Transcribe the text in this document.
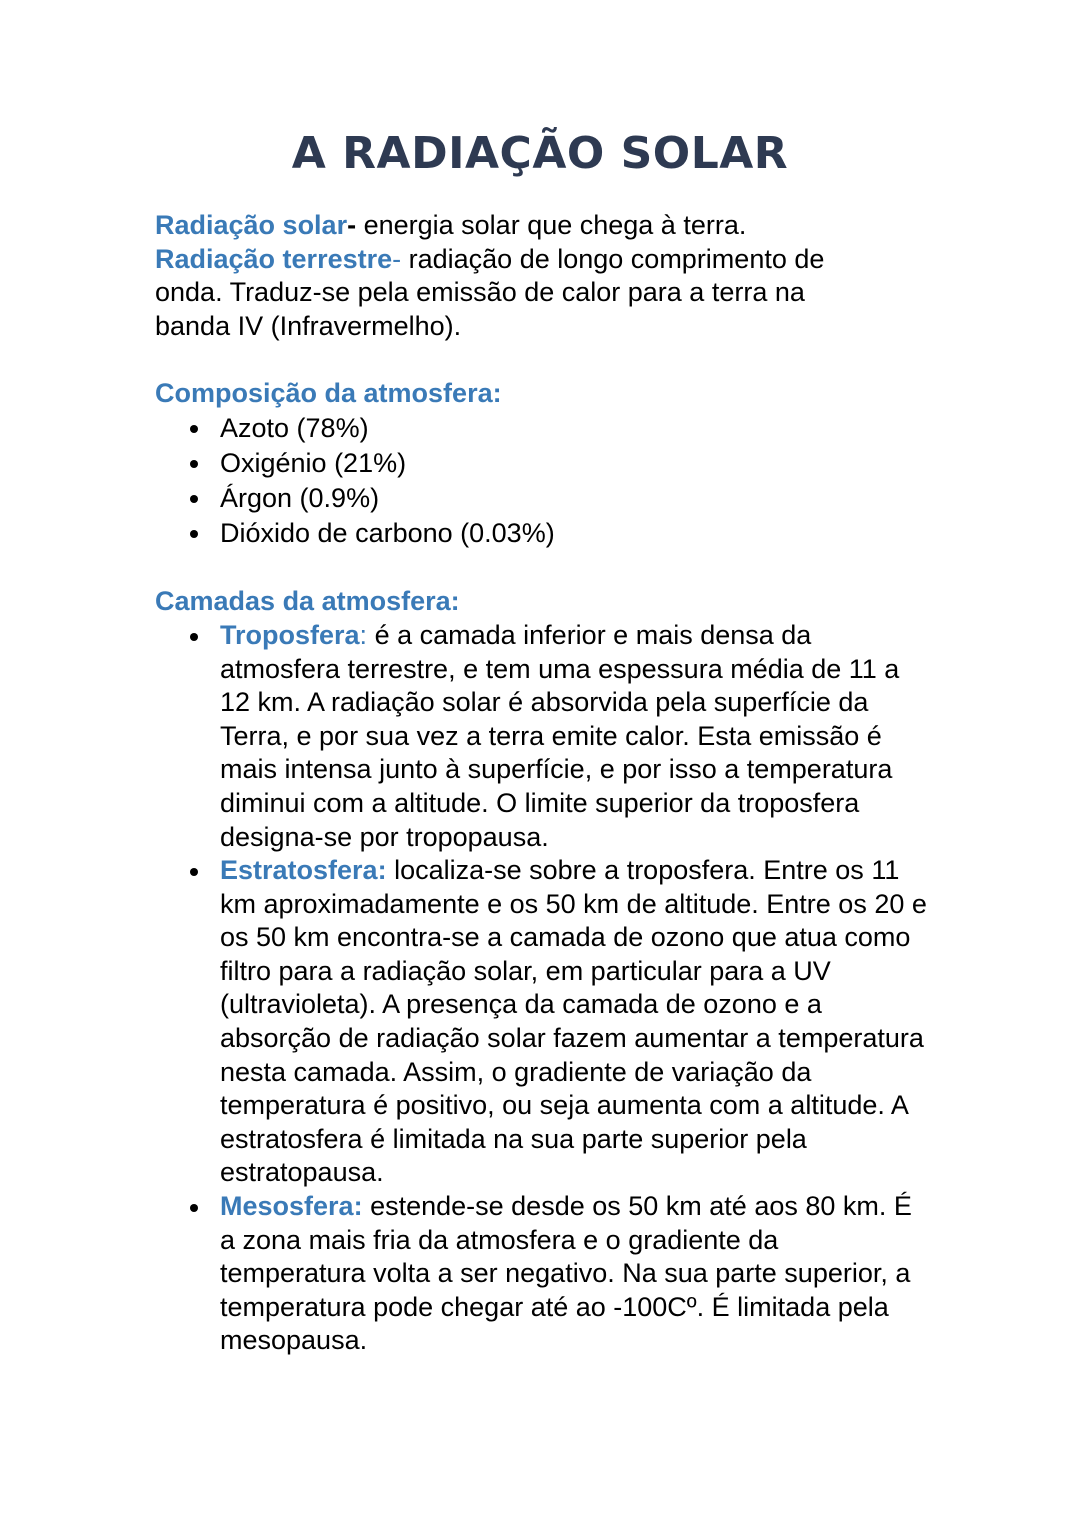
A RADIAÇÃO SOLAR

Radiação solar- energia solar que chega à terra.

Radiação terrestre- radiação de longo comprimento de onda. Traduz-se pela emissão de calor para a terra na banda IV (Infravermelho).

Composição da atmosfera:

Azoto (78%)
Oxigénio (21%)
Árgon (0.9%)
Dióxido de carbono (0.03%)

Camadas da atmosfera:

Troposfera: é a camada inferior e mais densa da atmosfera terrestre, e tem uma espessura média de 11 a 12 km. A radiação solar é absorvida pela superfície da Terra, e por sua vez a terra emite calor. Esta emissão é mais intensa junto à superfície, e por isso a temperatura diminui com a altitude. O limite superior da troposfera designa-se por tropopausa.
Estratosfera: localiza-se sobre a troposfera. Entre os 11 km aproximadamente e os 50 km de altitude. Entre os 20 e os 50 km encontra-se a camada de ozono que atua como filtro para a radiação solar, em particular para a UV (ultravioleta). A presença da camada de ozono e a absorção de radiação solar fazem aumentar a temperatura nesta camada. Assim, o gradiente de variação da temperatura é positivo, ou seja aumenta com a altitude. A estratosfera é limitada na sua parte superior pela estratopausa.
Mesosfera: estende-se desde os 50 km até aos 80 km. É a zona mais fria da atmosfera e o gradiente da temperatura volta a ser negativo. Na sua parte superior, a temperatura pode chegar até ao -100Cº. É limitada pela mesopausa.
